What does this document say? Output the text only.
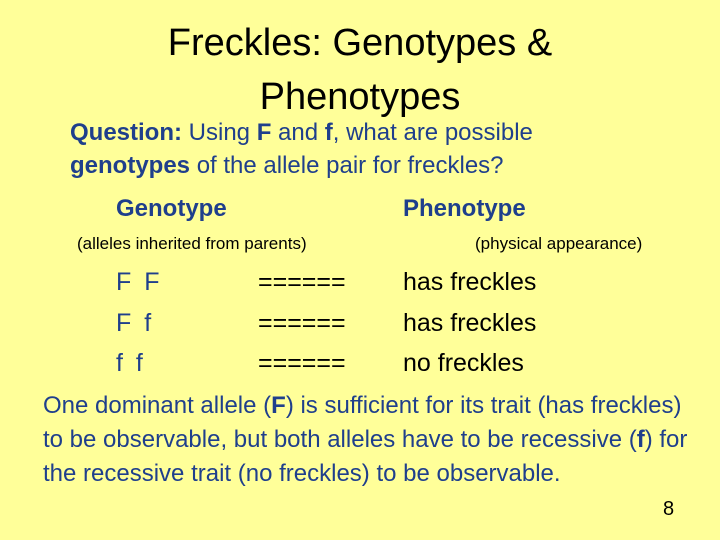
Freckles: Genotypes &
Phenotypes
Question: Using F and f, what are possible
genotypes of the allele pair for freckles?
Genotype	Phenotype
(alleles inherited from parents)	(physical appearance)
F F	====== has freckles
F f	====== has freckles
f f	====== no freckles
One dominant allele (F) is sufficient for its trait (has freckles) to be observable, but both alleles have to be recessive (f) for the recessive trait (no freckles) to be observable.
8
